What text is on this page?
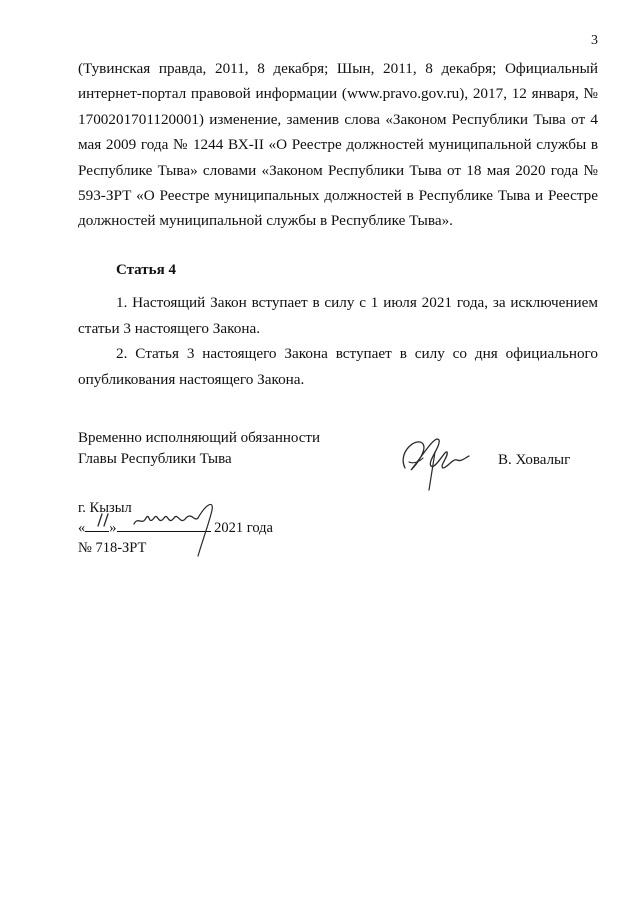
3

(Тувинская правда, 2011, 8 декабря; Шын, 2011, 8 декабря; Официальный

интернет-портал правовой информации (www.pravo.gov.ru), 2017, 12 января, №

1700201701120001) изменение, заменив слова «Законом Республики Тыва от 4

мая 2009 года № 1244 ВХ-II «О Реестре должностей муниципальной службы в

Республике Тыва» словами «Законом Республики Тыва от 18 мая 2020 года №

593-ЗРТ «О Реестре муниципальных должностей в Республике Тыва и Реестре

должностей муниципальной службы в Республике Тыва».

Статья 4

1. Настоящий Закон вступает в силу с 1 июля 2021 года, за исключением статьи 3 настоящего Закона.

2. Статья 3 настоящего Закона вступает в силу со дня официального опубликования настоящего Закона.

Временно исполняющий обязанности
Главы Республики Тыва	В. Ховалыг
г. Кызыл
« »	2021 года
№ 718-ЗРТ
